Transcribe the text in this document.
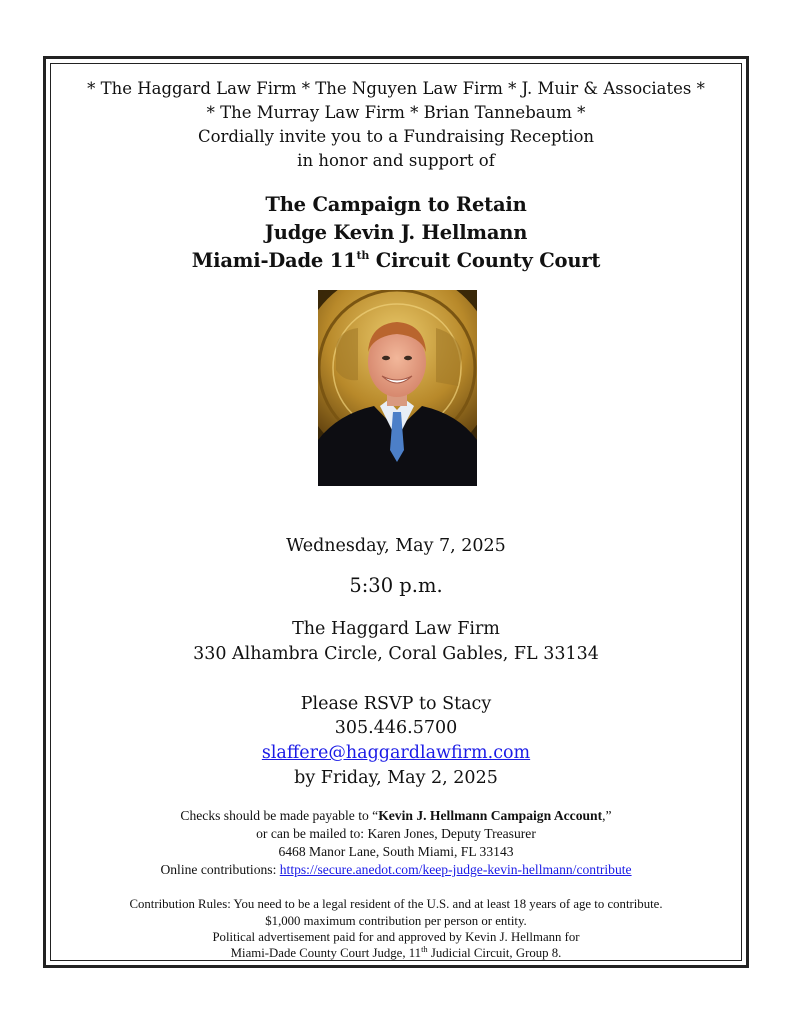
* The Haggard Law Firm * The Nguyen Law Firm * J. Muir & Associates *
* The Murray Law Firm * Brian Tannebaum *
Cordially invite you to a Fundraising Reception
in honor and support of
The Campaign to Retain
Judge Kevin J. Hellmann
Miami-Dade 11th Circuit County Court
Wednesday, May 7, 2025
5:30 p.m.
The Haggard Law Firm
330 Alhambra Circle, Coral Gables, FL 33134
Please RSVP to Stacy
305.446.5700
slaffere@haggardlawfirm.com
by Friday, May 2, 2025
Checks should be made payable to “Kevin J. Hellmann Campaign Account,”
or can be mailed to: Karen Jones, Deputy Treasurer
6468 Manor Lane, South Miami, FL 33143
Online contributions: https://secure.anedot.com/keep-judge-kevin-hellmann/contribute
Contribution Rules: You need to be a legal resident of the U.S. and at least 18 years of age to contribute.
$1,000 maximum contribution per person or entity.
Political advertisement paid for and approved by Kevin J. Hellmann for
Miami-Dade County Court Judge, 11th Judicial Circuit, Group 8.
